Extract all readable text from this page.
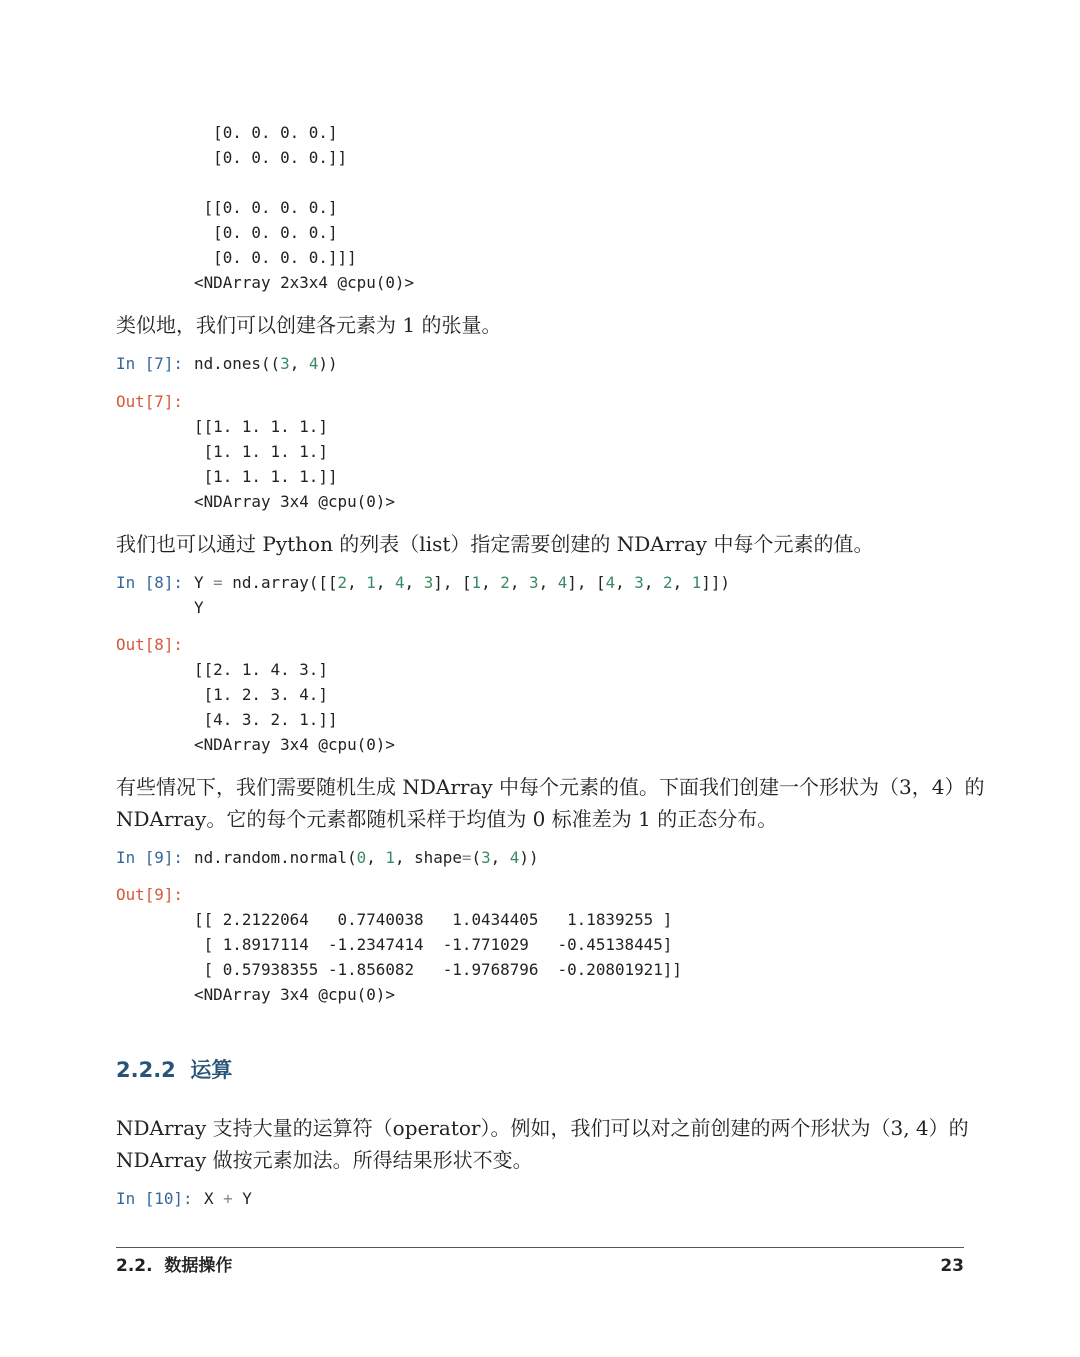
[0. 0. 0. 0.]
[0. 0. 0. 0.]]
[[0. 0. 0. 0.]
[0. 0. 0. 0.]
[0. 0. 0. 0.]]]
<NDArray 2x3x4 @cpu(0)>
类似地，我们可以创建各元素为 1 的张量。
In [7]: nd.ones((3, 4))
Out[7]:
[[1. 1. 1. 1.]
[1. 1. 1. 1.]
[1. 1. 1. 1.]]
<NDArray 3x4 @cpu(0)>
我们也可以通过 Python 的列表（list）指定需要创建的 NDArray 中每个元素的值。
In [8]: Y = nd.array([[2, 1, 4, 3], [1, 2, 3, 4], [4, 3, 2, 1]])
Y
Out[8]:
[[2. 1. 4. 3.]
[1. 2. 3. 4.]
[4. 3. 2. 1.]]
<NDArray 3x4 @cpu(0)>
有些情况下，我们需要随机生成 NDArray 中每个元素的值。下面我们创建一个形状为（3，4）的
NDArray。它的每个元素都随机采样于均值为 0 标准差为 1 的正态分布。
In [9]: nd.random.normal(0, 1, shape=(3, 4))
Out[9]:
[[ 2.2122064   0.7740038   1.0434405   1.1839255 ]
[ 1.8917114  -1.2347414  -1.771029   -0.45138445]
[ 0.57938355 -1.856082   -1.9768796  -0.20801921]]
<NDArray 3x4 @cpu(0)>
2.2.2  运算
NDArray 支持大量的运算符（operator）。例如，我们可以对之前创建的两个形状为（3, 4）的
NDArray 做按元素加法。所得结果形状不变。
In [10]: X + Y
2.2.  数据操作	23
